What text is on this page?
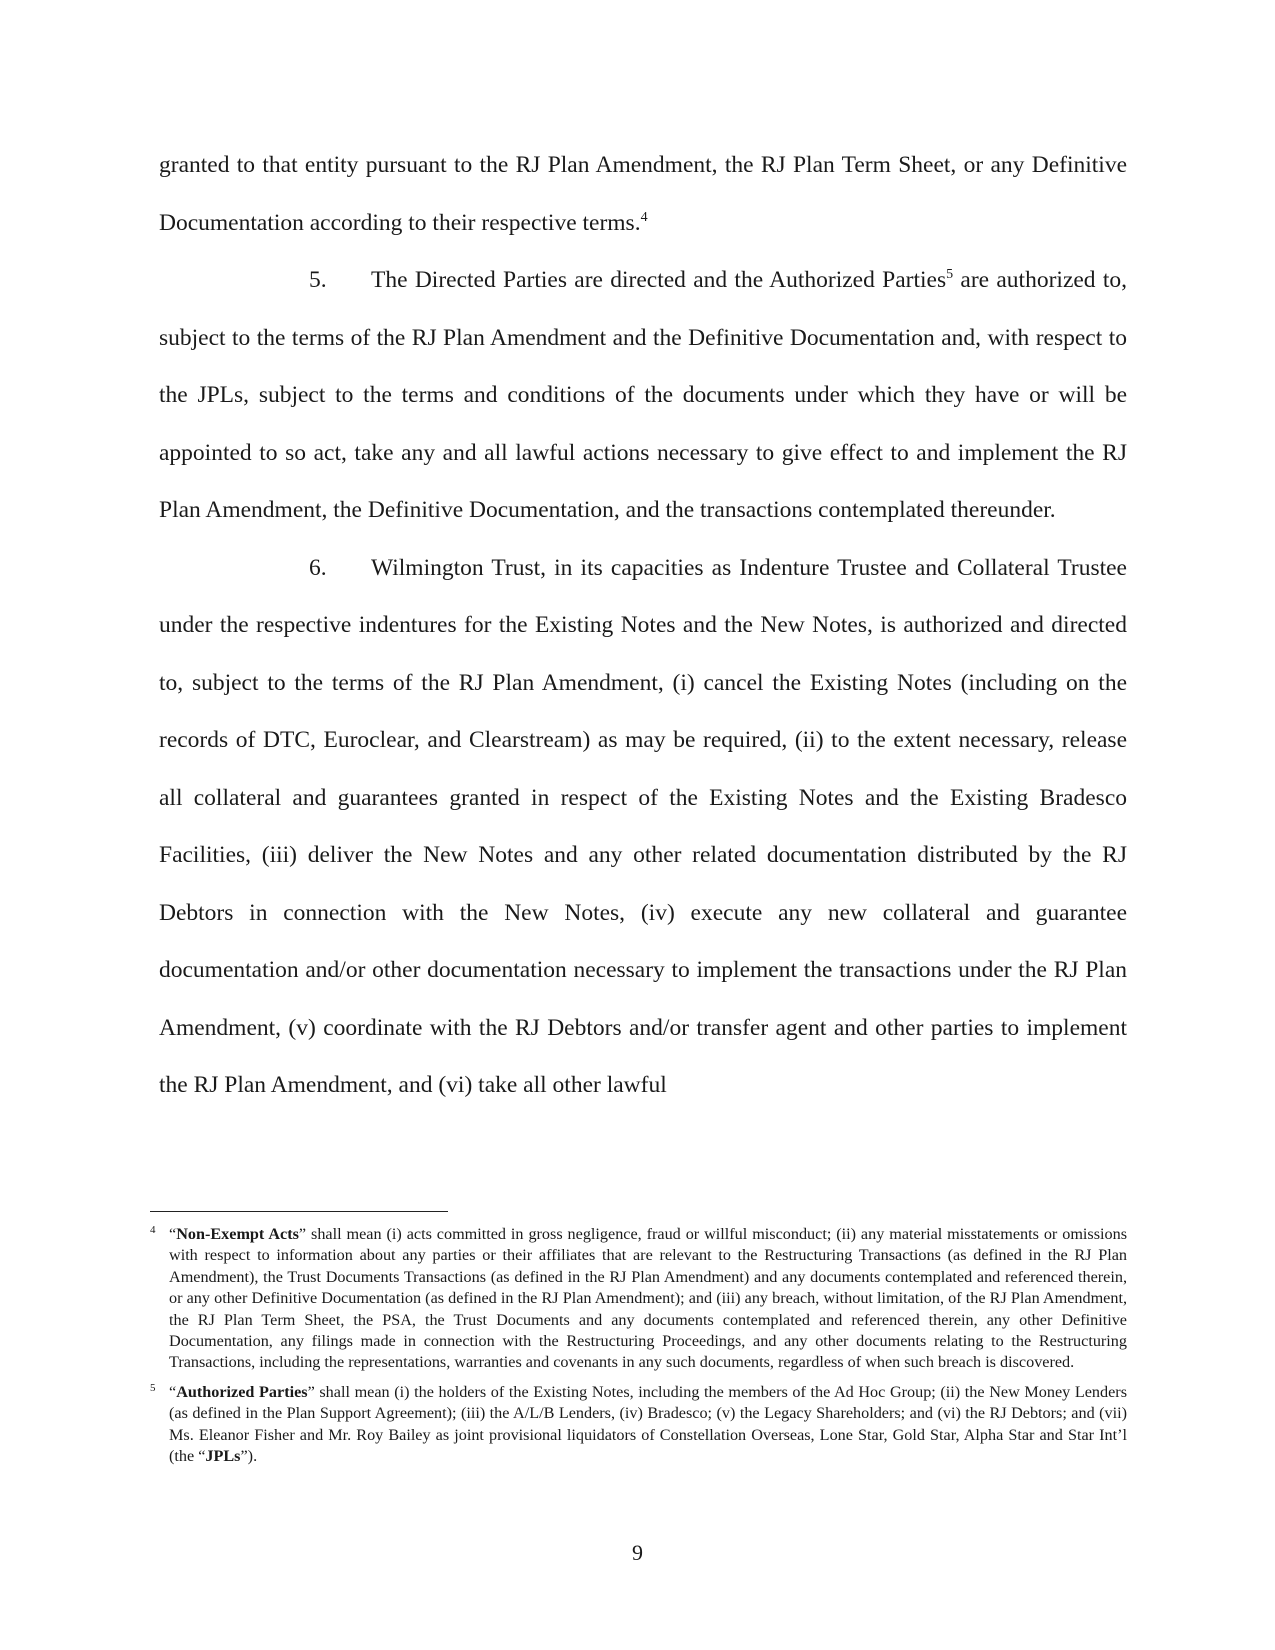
granted to that entity pursuant to the RJ Plan Amendment, the RJ Plan Term Sheet, or any Definitive Documentation according to their respective terms.$^4$

5. The Directed Parties are directed and the Authorized Parties$^5$ are authorized to, subject to the terms of the RJ Plan Amendment and the Definitive Documentation and, with respect to the JPLs, subject to the terms and conditions of the documents under which they have or will be appointed to so act, take any and all lawful actions necessary to give effect to and implement the RJ Plan Amendment, the Definitive Documentation, and the transactions contemplated thereunder.

6. Wilmington Trust, in its capacities as Indenture Trustee and Collateral Trustee under the respective indentures for the Existing Notes and the New Notes, is authorized and directed to, subject to the terms of the RJ Plan Amendment, (i) cancel the Existing Notes (including on the records of DTC, Euroclear, and Clearstream) as may be required, (ii) to the extent necessary, release all collateral and guarantees granted in respect of the Existing Notes and the Existing Bradesco Facilities, (iii) deliver the New Notes and any other related documentation distributed by the RJ Debtors in connection with the New Notes, (iv) execute any new collateral and guarantee documentation and/or other documentation necessary to implement the transactions under the RJ Plan Amendment, (v) coordinate with the RJ Debtors and/or transfer agent and other parties to implement the RJ Plan Amendment, and (vi) take all other lawful

4 “Non-Exempt Acts” shall mean (i) acts committed in gross negligence, fraud or willful misconduct; (ii) any material misstatements or omissions with respect to information about any parties or their affiliates that are relevant to the Restructuring Transactions (as defined in the RJ Plan Amendment), the Trust Documents Transactions (as defined in the RJ Plan Amendment) and any documents contemplated and referenced therein, or any other Definitive Documentation (as defined in the RJ Plan Amendment); and (iii) any breach, without limitation, of the RJ Plan Amendment, the RJ Plan Term Sheet, the PSA, the Trust Documents and any documents contemplated and referenced therein, any other Definitive Documentation, any filings made in connection with the Restructuring Proceedings, and any other documents relating to the Restructuring Transactions, including the representations, warranties and covenants in any such documents, regardless of when such breach is discovered.

5 “Authorized Parties” shall mean (i) the holders of the Existing Notes, including the members of the Ad Hoc Group; (ii) the New Money Lenders (as defined in the Plan Support Agreement); (iii) the A/L/B Lenders, (iv) Bradesco; (v) the Legacy Shareholders; and (vi) the RJ Debtors; and (vii) Ms. Eleanor Fisher and Mr. Roy Bailey as joint provisional liquidators of Constellation Overseas, Lone Star, Gold Star, Alpha Star and Star Int’l (the “JPLs”).

9
